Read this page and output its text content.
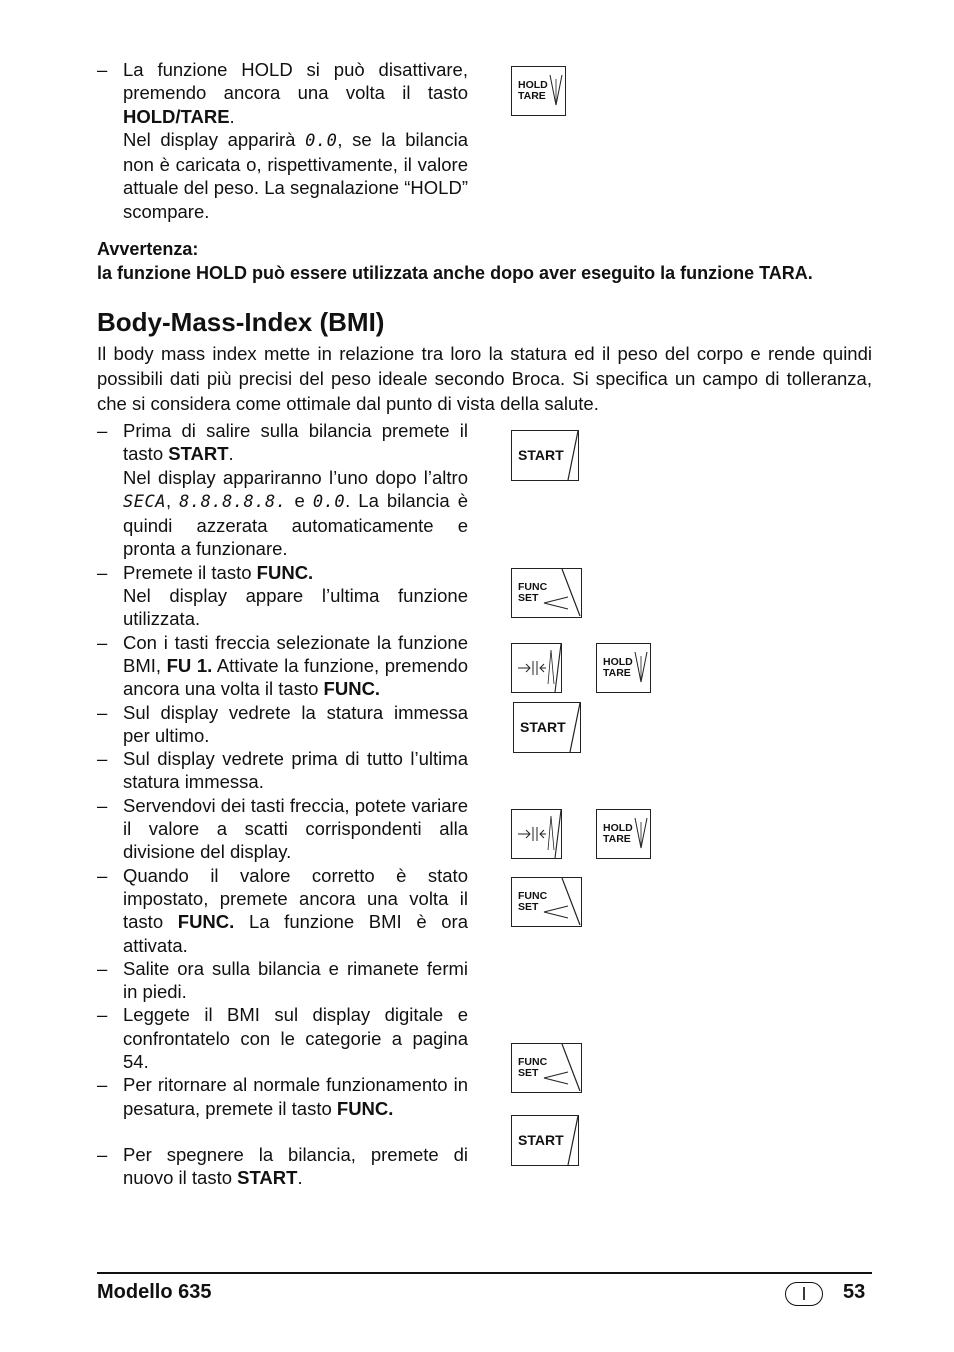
– La funzione HOLD si può disattivare, premendo ancora una volta il tasto HOLD/TARE.

Nel display apparirà 0.0, se la bilancia non è caricata o, rispettivamente, il valore attuale del peso. La segnalazione “HOLD” scompare.

HOLD
TARE
Avvertenza:
la funzione HOLD può essere utilizzata anche dopo aver eseguito la funzione TARA.
Body-Mass-Index (BMI)
Il body mass index mette in relazione tra loro la statura ed il peso del corpo e rende quindi possibili dati più precisi del peso ideale secondo Broca. Si specifica un campo di tolleranza, che si considera come ottimale dal punto di vista della salute.
– Prima di salire sulla bilancia premete il tasto START.

Nel display appariranno l’uno dopo l’altro SECA, 8.8.8.8.8. e 0.0. La bilancia è quindi azzerata automaticamente e pronta a funzionare.

– Premete il tasto FUNC.

Nel display appare l’ultima funzione utilizzata.

– Con i tasti freccia selezionate la funzione BMI, FU 1. Attivate la funzione, premendo ancora una volta il tasto FUNC.

– Sul display vedrete la statura immessa per ultimo.

– Sul display vedrete prima di tutto l’ultima statura immessa.

– Servendovi dei tasti freccia, potete variare il valore a scatti corrispondenti alla divisione del display.

– Quando il valore corretto è stato impostato, premete ancora una volta il tasto FUNC. La funzione BMI è ora attivata.

– Salite ora sulla bilancia e rimanete fermi in piedi.

– Leggete il BMI sul display digitale e confrontatelo con le categorie a pagina 54.

– Per ritornare al normale funzionamento in pesatura, premete il tasto FUNC.

– Per spegnere la bilancia, premete di nuovo il tasto START.

START
FUNC
SET
HOLD
TARE
START
HOLD
TARE
FUNC
SET
FUNC
SET
START
Modello 635	I	53
